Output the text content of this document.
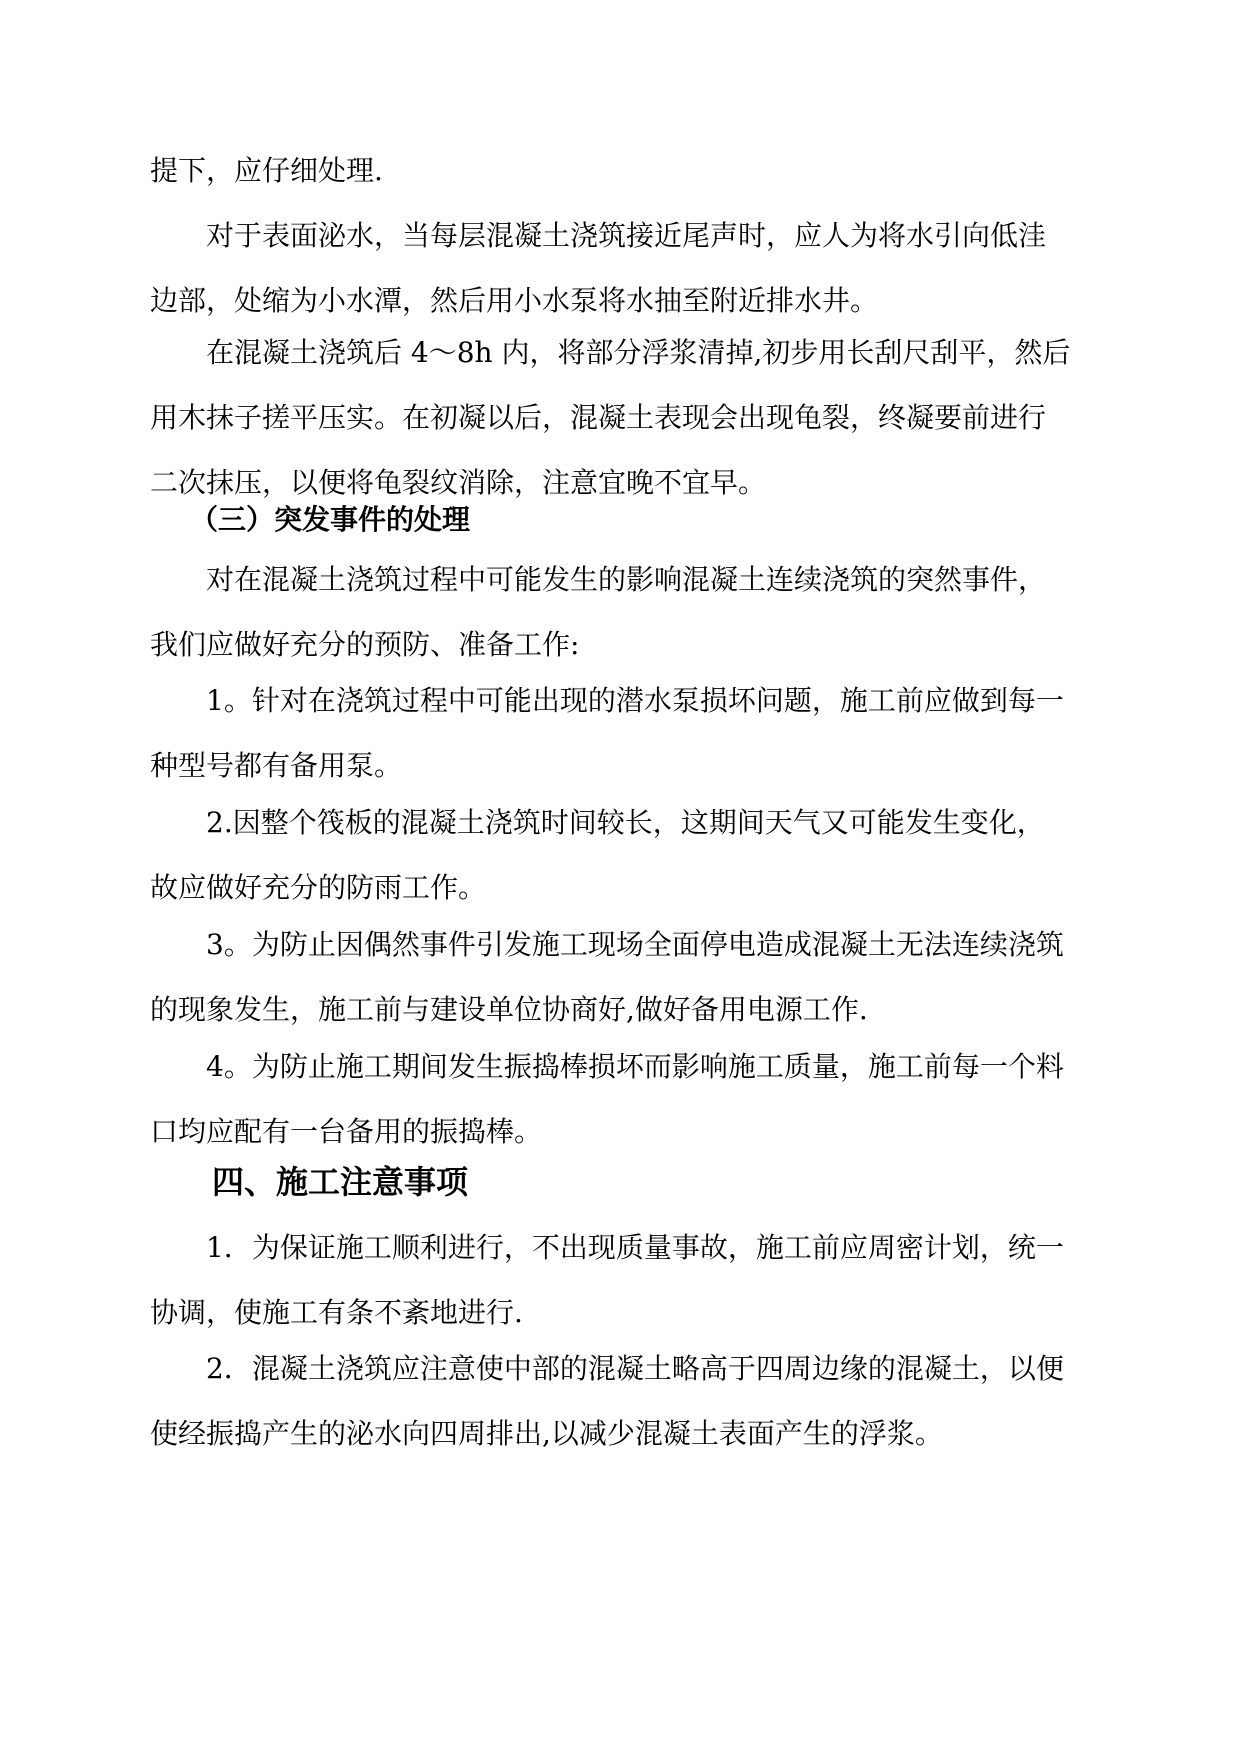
提下，应仔细处理.
对于表面泌水，当每层混凝土浇筑接近尾声时，应人为将水引向低洼
边部，处缩为小水潭，然后用小水泵将水抽至附近排水井。
在混凝土浇筑后 4～8h 内，将部分浮浆清掉,初步用长刮尺刮平，然后
用木抹子搓平压实。在初凝以后，混凝土表现会出现龟裂，终凝要前进行
二次抹压，以便将龟裂纹消除，注意宜晚不宜早。
（三）突发事件的处理
对在混凝土浇筑过程中可能发生的影响混凝土连续浇筑的突然事件，
我们应做好充分的预防、准备工作:
1。针对在浇筑过程中可能出现的潜水泵损坏问题，施工前应做到每一
种型号都有备用泵。
2.因整个筏板的混凝土浇筑时间较长，这期间天气又可能发生变化，
故应做好充分的防雨工作。
3。为防止因偶然事件引发施工现场全面停电造成混凝土无法连续浇筑
的现象发生，施工前与建设单位协商好,做好备用电源工作.
4。为防止施工期间发生振捣棒损坏而影响施工质量，施工前每一个料
口均应配有一台备用的振捣棒。
四、施工注意事项
1．为保证施工顺利进行，不出现质量事故，施工前应周密计划，统一
协调，使施工有条不紊地进行.
2．混凝土浇筑应注意使中部的混凝土略高于四周边缘的混凝土，以便
使经振捣产生的泌水向四周排出,以减少混凝土表面产生的浮浆。
